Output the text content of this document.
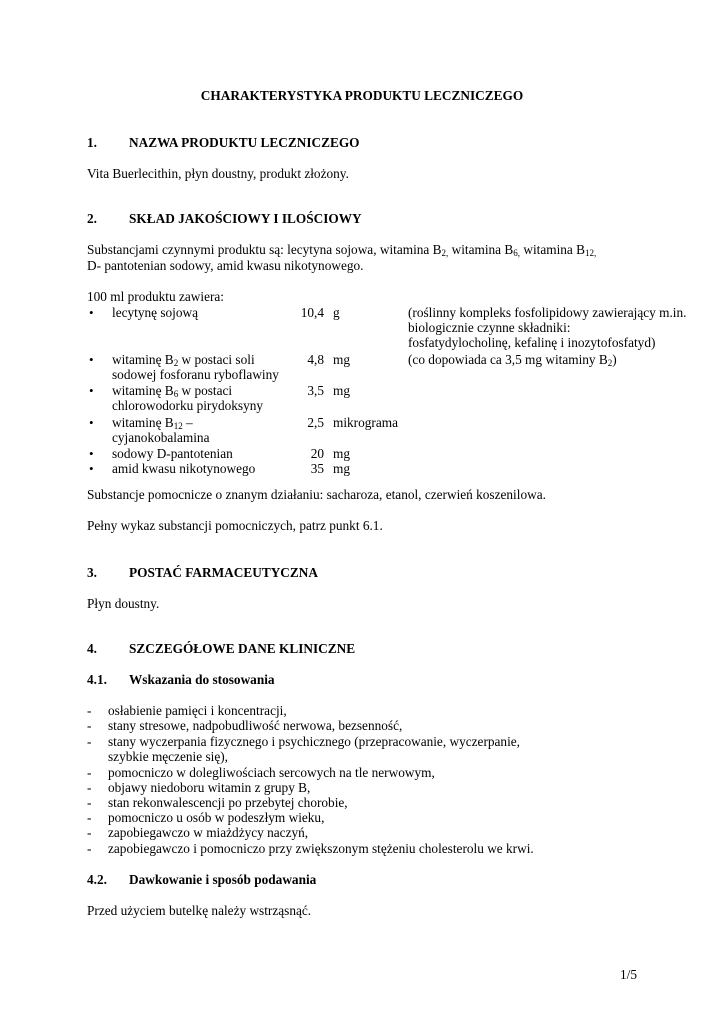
CHARAKTERYSTYKA PRODUKTU LECZNICZEGO
1. NAZWA PRODUKTU LECZNICZEGO
Vita Buerlecithin, płyn doustny, produkt złożony.
2. SKŁAD JAKOŚCIOWY I ILOŚCIOWY
Substancjami czynnymi produktu są: lecytyna sojowa, witamina $B_{2,}$ witamina $B_{6,}$ witamina $B_{12,}$
D- pantotenian sodowy, amid kwasu nikotynowego.
100 ml produktu zawiera:
• lecytynę sojową	10,4 g	(roślinny kompleks fosfolipidowy zawierający m.in.
biologicznie czynne składniki:
fosfatydylocholinę, kefalinę i inozytofosfatyd)
• witaminę $B_2$ w postaci soli
sodowej fosforanu ryboflawiny
4,8 mg	(co dopowiada ca 3,5 mg witaminy $B_2$)
• witaminę $B_6$ w postaci
chlorowodorku pirydoksyny
3,5 mg
• witaminę $B_{12}$ –
cyjanokobalamina
2,5 mikrograma
• sodowy D-pantotenian	20 mg
• amid kwasu nikotynowego	35 mg
Substancje pomocnicze o znanym działaniu: sacharoza, etanol, czerwień koszenilowa.
Pełny wykaz substancji pomocniczych, patrz punkt 6.1.
3. POSTAĆ FARMACEUTYCZNA
Płyn doustny.
4. SZCZEGÓŁOWE DANE KLINICZNE
4.1. Wskazania do stosowania
- osłabienie pamięci i koncentracji,
- stany stresowe, nadpobudliwość nerwowa, bezsenność,
- stany wyczerpania fizycznego i psychicznego (przepracowanie, wyczerpanie,
szybkie męczenie się),
- pomocniczo w dolegliwościach sercowych na tle nerwowym,
- objawy niedoboru witamin z grupy B,
- stan rekonwalescencji po przebytej chorobie,
- pomocniczo u osób w podeszłym wieku,
- zapobiegawczo w miażdżycy naczyń,
- zapobiegawczo i pomocniczo przy zwiększonym stężeniu cholesterolu we krwi.
4.2. Dawkowanie i sposób podawania
Przed użyciem butelkę należy wstrząsnąć.
1/5
